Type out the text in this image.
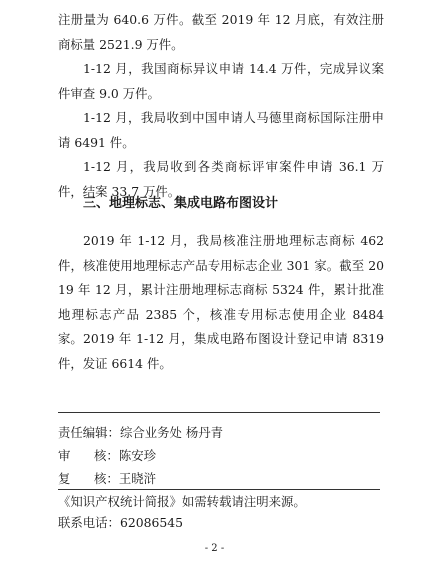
注册量为 640.6 万件。截至 2019 年 12 月底，有效注册商标量 2521.9 万件。

1-12 月，我国商标异议申请 14.4 万件，完成异议案件审查 9.0 万件。

1-12 月，我局收到中国申请人马德里商标国际注册申请 6491 件。

1-12 月，我局收到各类商标评审案件申请 36.1 万件，结案 33.7 万件。

三、地理标志、集成电路布图设计

2019 年 1-12 月，我局核准注册地理标志商标 462 件，核准使用地理标志产品专用标志企业 301 家。截至 2019 年 12 月，累计注册地理标志商标 5324 件，累计批准地理标志产品 2385 个，核准专用标志使用企业 8484 家。 2019 年 1-12 月，集成电路布图设计登记申请 8319 件，发证 6614 件。

责任编辑：综合业务处 杨丹青

审      核：陈安珍

复      核：王晓浒

《知识产权统计简报》如需转载请注明来源。

联系电话：62086545

- 2 -
